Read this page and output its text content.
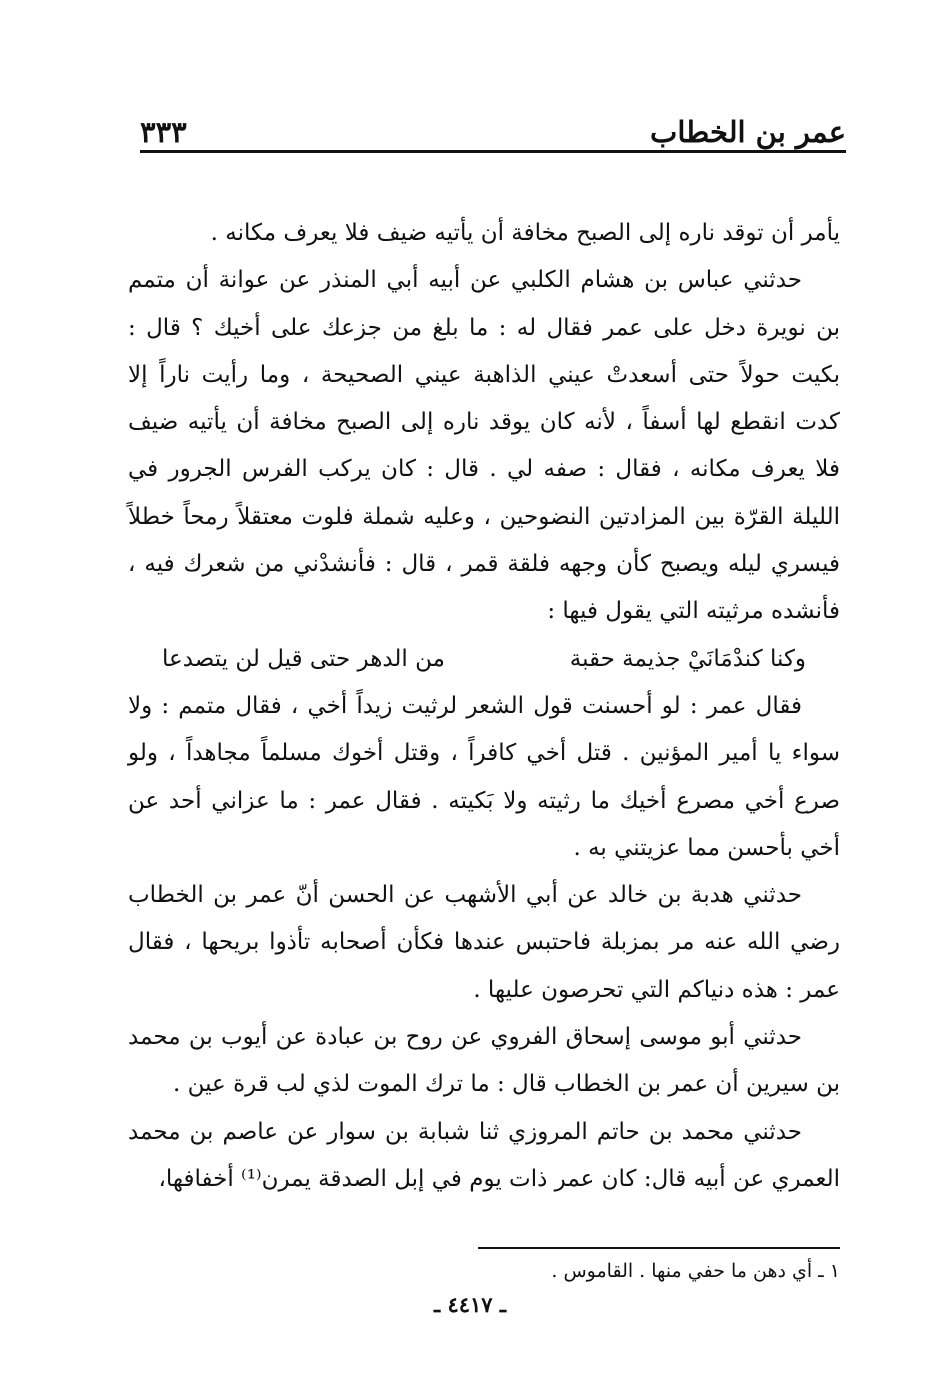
عمر بن الخطاب
٣٣٣

يأمر أن توقد ناره إلى الصبح مخافة أن يأتيه ضيف فلا يعرف مكانه .

حدثني عباس بن هشام الكلبي عن أبيه أبي المنذر عن عوانة أن متمم بن نويرة دخل على عمر فقال له : ما بلغ من جزعك على أخيك ؟ قال : بكيت حولاً حتى أسعدتْ عيني الذاهبة عيني الصحيحة ، وما رأيت ناراً إلا كدت انقطع لها أسفاً ، لأنه كان يوقد ناره إلى الصبح مخافة أن يأتيه ضيف فلا يعرف مكانه ، فقال : صفه لي . قال : كان يركب الفرس الجرور في الليلة القرّة بين المزادتين النضوحين ، وعليه شملة فلوت معتقلاً رمحاً خطلاً فيسري ليله ويصبح كأن وجهه فلقة قمر ، قال : فأنشدْني من شعرك فيه ، فأنشده مرثيته التي يقول فيها :

وكنا كندْمَانَيْ جذيمة حقبة
من الدهر حتى قيل لن يتصدعا

فقال عمر : لو أحسنت قول الشعر لرثيت زيداً أخي ، فقال متمم : ولا سواء يا أمير المؤنين . قتل أخي كافراً ، وقتل أخوك مسلماً مجاهداً ، ولو صرع أخي مصرع أخيك ما رثيته ولا بَكيته . فقال عمر : ما عزاني أحد عن أخي بأحسن مما عزيتني به .

حدثني هدبة بن خالد عن أبي الأشهب عن الحسن أنّ عمر بن الخطاب رضي الله عنه مر بمزبلة فاحتبس عندها فكأن أصحابه تأذوا بريحها ، فقال عمر : هذه دنياكم التي تحرصون عليها .

حدثني أبو موسى إسحاق الفروي عن روح بن عبادة عن أيوب بن محمد بن سيرين أن عمر بن الخطاب قال : ما ترك الموت لذي لب قرة عين .

حدثني محمد بن حاتم المروزي ثنا شبابة بن سوار عن عاصم بن محمد العمري عن أبيه قال: كان عمر ذات يوم في إبل الصدقة يمرن⁽¹⁾ أخفافها،

١ ـ أي دهن ما حفي منها . القاموس .
ـ ٤٤١٧ ـ
